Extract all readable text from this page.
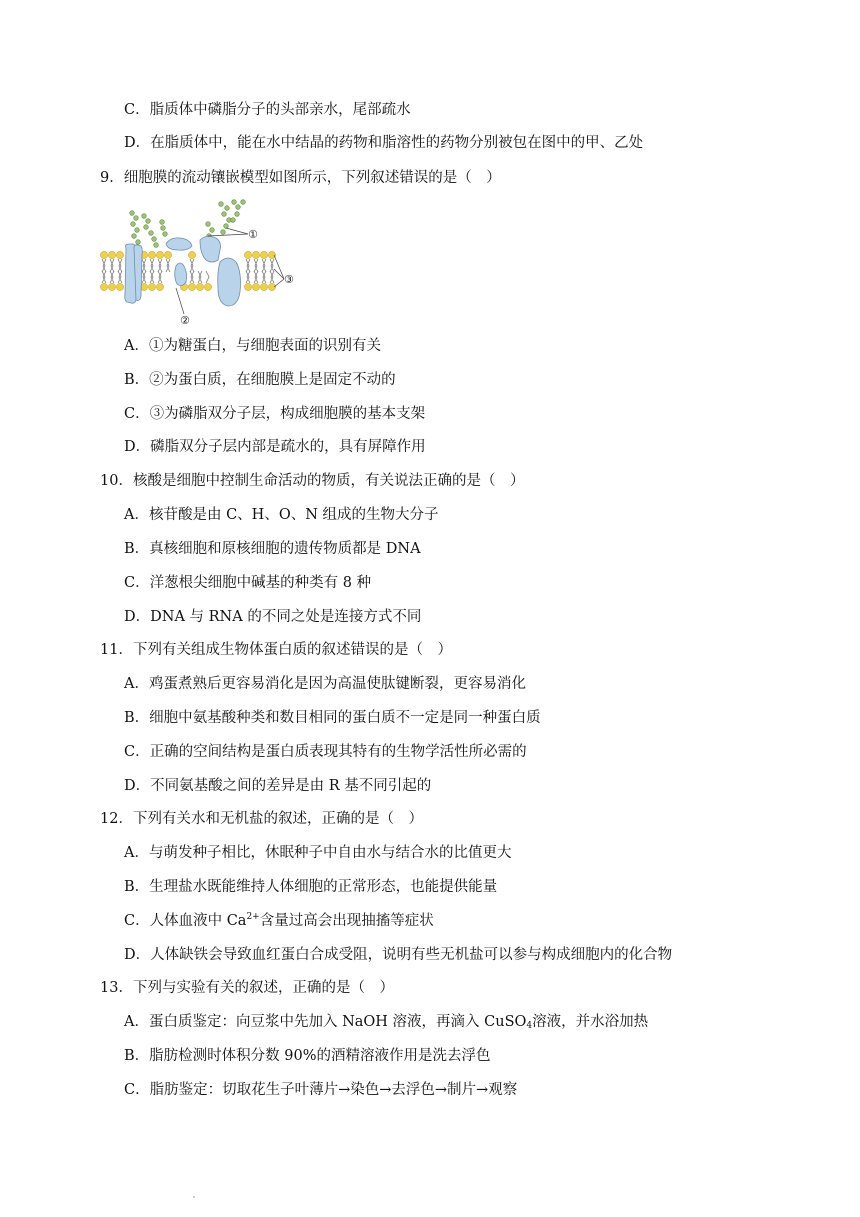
C．脂质体中磷脂分子的头部亲水，尾部疏水
D．在脂质体中，能在水中结晶的药物和脂溶性的药物分别被包在图中的甲、乙处
9．细胞膜的流动镶嵌模型如图所示，下列叙述错误的是（　）
①
③
②
A．①为糖蛋白，与细胞表面的识别有关
B．②为蛋白质，在细胞膜上是固定不动的
C．③为磷脂双分子层，构成细胞膜的基本支架
D．磷脂双分子层内部是疏水的，具有屏障作用
10．核酸是细胞中控制生命活动的物质，有关说法正确的是（　）
A．核苷酸是由 C、H、O、N 组成的生物大分子
B．真核细胞和原核细胞的遗传物质都是 DNA
C．洋葱根尖细胞中碱基的种类有 8 种
D．DNA 与 RNA 的不同之处是连接方式不同
11．下列有关组成生物体蛋白质的叙述错误的是（　）
A．鸡蛋煮熟后更容易消化是因为高温使肽键断裂，更容易消化
B．细胞中氨基酸种类和数目相同的蛋白质不一定是同一种蛋白质
C．正确的空间结构是蛋白质表现其特有的生物学活性所必需的
D．不同氨基酸之间的差异是由 R 基不同引起的
12．下列有关水和无机盐的叙述，正确的是（　）
A．与萌发种子相比，休眠种子中自由水与结合水的比值更大
B．生理盐水既能维持人体细胞的正常形态，也能提供能量
C．人体血液中 $Ca^{2+}$含量过高会出现抽搐等症状
D．人体缺铁会导致血红蛋白合成受阻，说明有些无机盐可以参与构成细胞内的化合物
13．下列与实验有关的叙述，正确的是（　）
A．蛋白质鉴定：向豆浆中先加入 NaOH 溶液，再滴入 CuSO$_4$溶液，并水浴加热
B．脂肪检测时体积分数 90%的酒精溶液作用是洗去浮色
C．脂肪鉴定：切取花生子叶薄片→染色→去浮色→制片→观察
